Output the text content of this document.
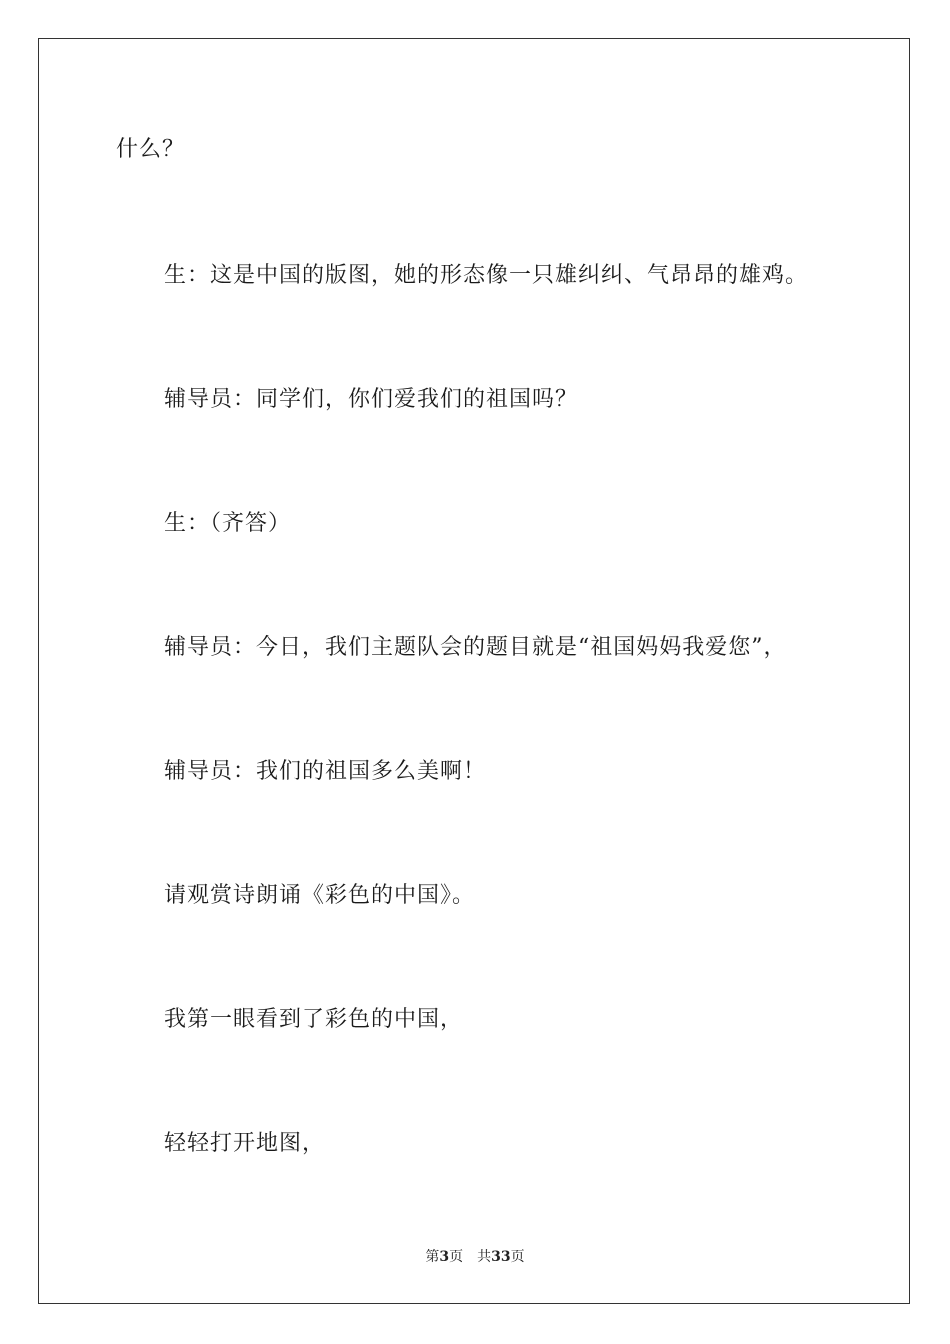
什么？
生：这是中国的版图，她的形态像一只雄纠纠、气昂昂的雄鸡。
辅导员：同学们，你们爱我们的祖国吗？
生：（齐答）
辅导员：今日，我们主题队会的题目就是“祖国妈妈我爱您”，
辅导员：我们的祖国多么美啊！
请观赏诗朗诵《彩色的中国》。
我第一眼看到了彩色的中国，
轻轻打开地图，
第3页 共33页
